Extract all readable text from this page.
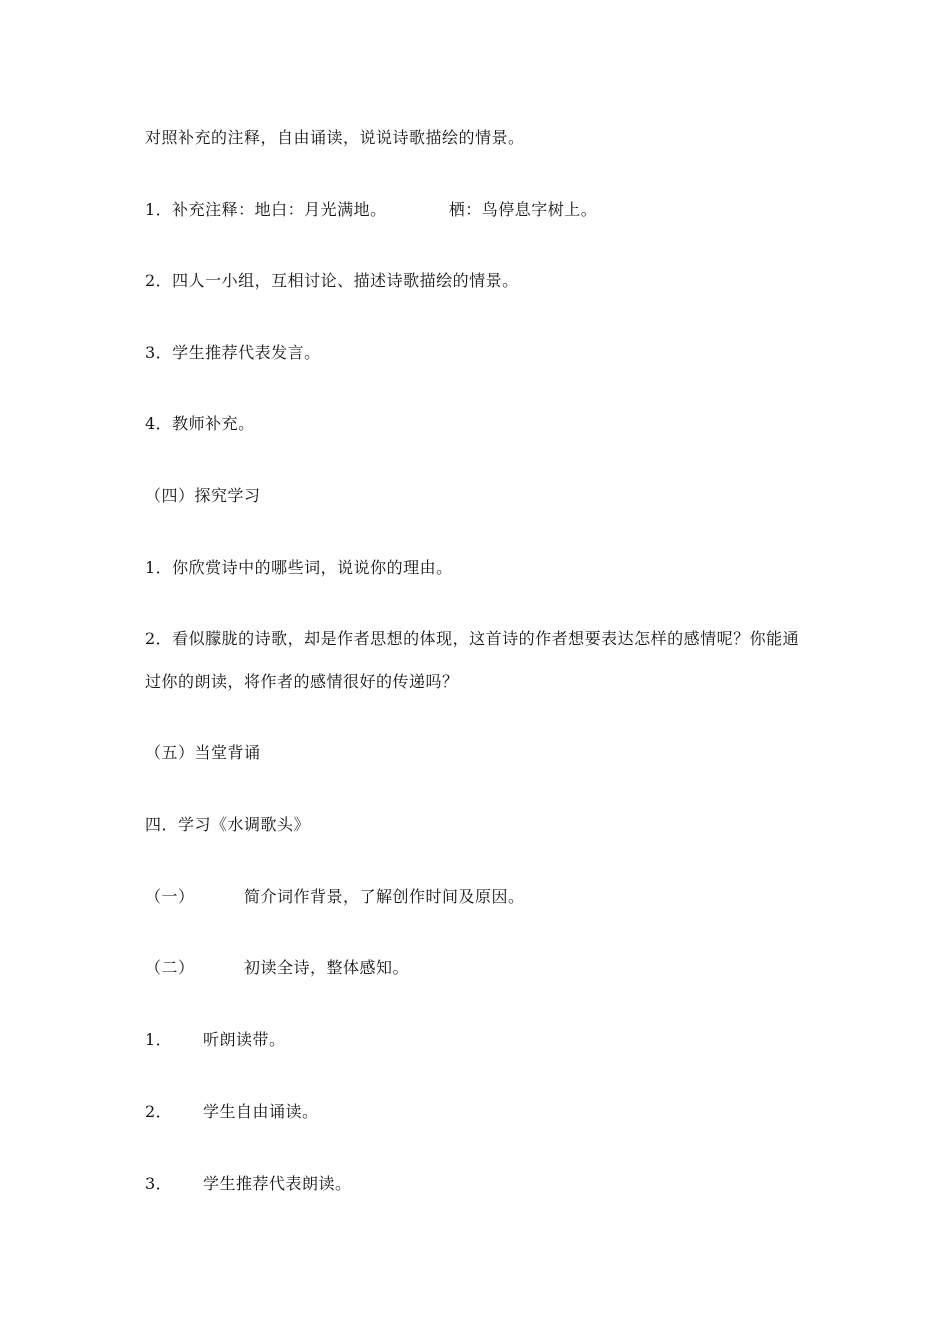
对照补充的注释，自由诵读，说说诗歌描绘的情景。
1．补充注释：地白：月光满地。	栖：鸟停息字树上。
2．四人一小组，互相讨论、描述诗歌描绘的情景。
3．学生推荐代表发言。
4．教师补充。
（四）探究学习
1．你欣赏诗中的哪些词，说说你的理由。
2．看似朦胧的诗歌，却是作者思想的体现，这首诗的作者想要表达怎样的感情呢？你能通
过你的朗读，将作者的感情很好的传递吗？
（五）当堂背诵
四．学习《水调歌头》
（一）	简介词作背景，了解创作时间及原因。
（二）	初读全诗，整体感知。
1． 听朗读带。
2． 学生自由诵读。
3． 学生推荐代表朗读。
